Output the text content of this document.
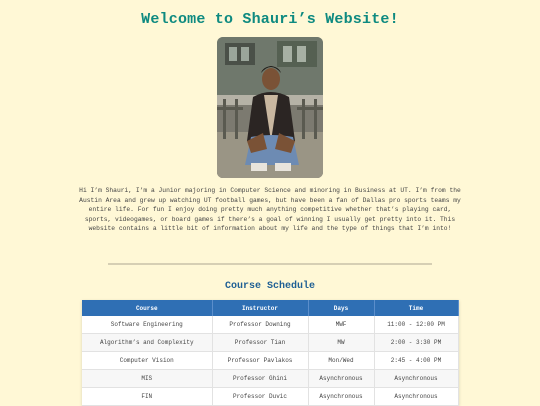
Welcome to Shauri’s Website!

Hi I’m Shauri, I’m a Junior majoring in Computer Science and minoring in Business at UT. I’m from the Austin Area and grew up watching UT football games, but have been a fan of Dallas pro sports teams my entire life. For fun I enjoy doing pretty much anything competitive whether that’s playing card, sports, videogames, or board games if there’s a goal of winning I usually get pretty into it. This website contains a little bit of information about my life and the type of things that I’m into!

Course Schedule
Course	Instructor	Days	Time
Software Engineering	Professor Downing	MWF	11:00 - 12:00 PM
Algorithm’s and Complexity	Professor Tian	MW	2:00 - 3:30 PM
Computer Vision	Professor Pavlakos	Mon/Wed	2:45 - 4:00 PM
MIS	Professor Ghini	Asynchronous	Asynchronous
FIN	Professor Duvic	Asynchronous	Asynchronous
